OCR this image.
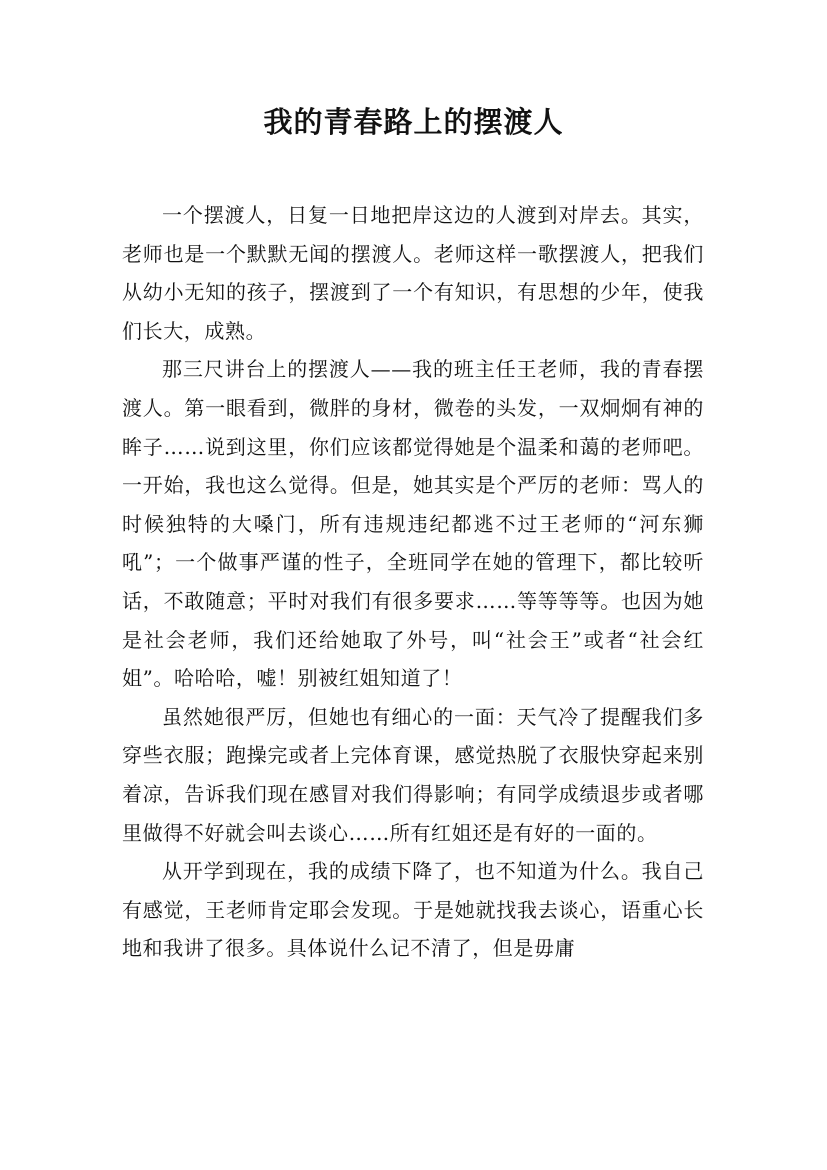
我的青春路上的摆渡人

一个摆渡人，日复一日地把岸这边的人渡到对岸去。其实，老师也是一个默默无闻的摆渡人。老师这样一歌摆渡人，把我们从幼小无知的孩子，摆渡到了一个有知识，有思想的少年，使我们长大，成熟。

那三尺讲台上的摆渡人——我的班主任王老师，我的青春摆渡人。第一眼看到，微胖的身材，微卷的头发，一双炯炯有神的眸子……说到这里，你们应该都觉得她是个温柔和蔼的老师吧。一开始，我也这么觉得。但是，她其实是个严厉的老师：骂人的时候独特的大嗓门，所有违规违纪都逃不过王老师的“河东狮吼”；一个做事严谨的性子，全班同学在她的管理下，都比较听话，不敢随意；平时对我们有很多要求……等等等等。也因为她是社会老师，我们还给她取了外号，叫“社会王”或者“社会红姐”。哈哈哈，嘘！别被红姐知道了！

虽然她很严厉，但她也有细心的一面：天气冷了提醒我们多穿些衣服；跑操完或者上完体育课，感觉热脱了衣服快穿起来别着凉，告诉我们现在感冒对我们得影响；有同学成绩退步或者哪里做得不好就会叫去谈心……所有红姐还是有好的一面的。

从开学到现在，我的成绩下降了，也不知道为什么。我自己有感觉，王老师肯定耶会发现。于是她就找我去谈心，语重心长地和我讲了很多。具体说什么记不清了，但是毋庸
